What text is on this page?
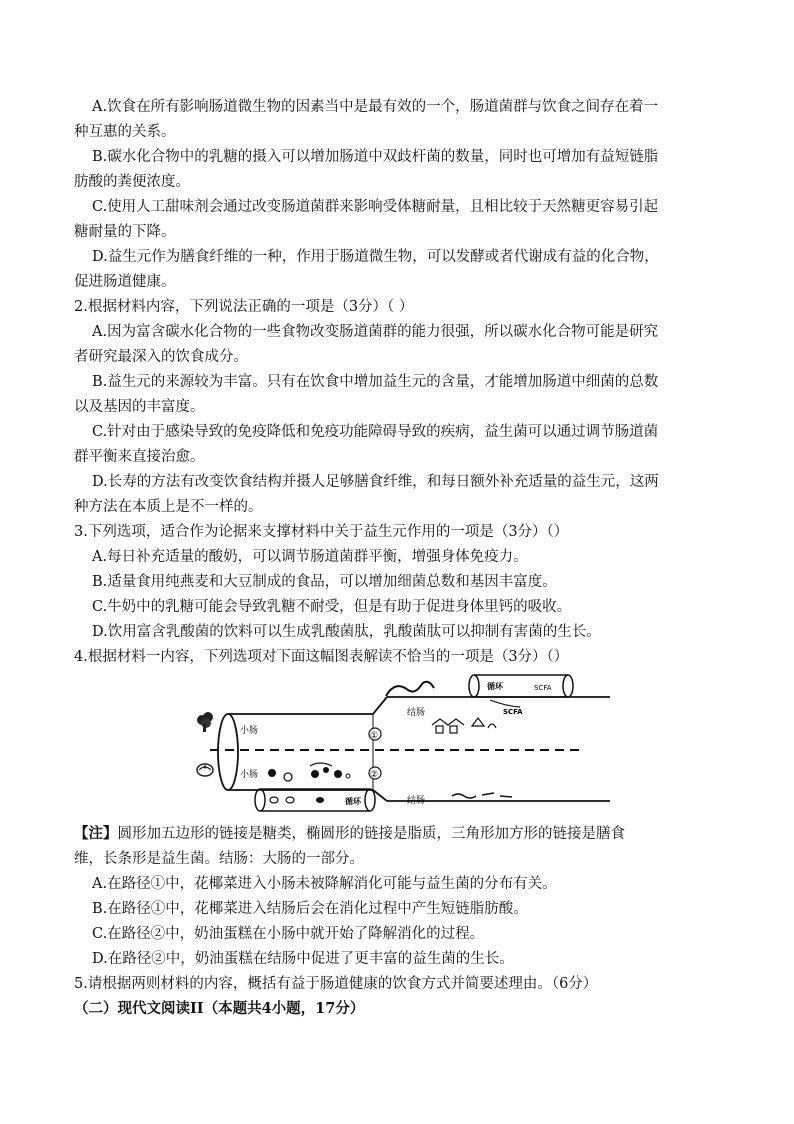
A.饮食在所有影响肠道微生物的因素当中是最有效的一个，肠道菌群与饮食之间存在着一
种互惠的关系。
B.碳水化合物中的乳糖的摄入可以增加肠道中双歧杆菌的数量，同时也可增加有益短链脂
肪酸的粪便浓度。
C.使用人工甜味剂会通过改变肠道菌群来影响受体糖耐量，且相比较于天然糖更容易引起
糖耐量的下降。
D.益生元作为膳食纤维的一种，作用于肠道微生物，可以发酵或者代谢成有益的化合物，
促进肠道健康。
2.根据材料内容，下列说法正确的一项是（3分）（ ）
A.因为富含碳水化合物的一些食物改变肠道菌群的能力很强，所以碳水化合物可能是研究
者研究最深入的饮食成分。
B.益生元的来源较为丰富。只有在饮食中增加益生元的含量，才能增加肠道中细菌的总数
以及基因的丰富度。
C.针对由于感染导致的免疫降低和免疫功能障碍导致的疾病，益生菌可以通过调节肠道菌
群平衡来直接治愈。
D.长寿的方法有改变饮食结构并摄人足够膳食纤维，和每日额外补充适量的益生元，这两
种方法在本质上是不一样的。
3.下列选项，适合作为论据来支撑材料中关于益生元作用的一项是（3分）（）
A.每日补充适量的酸奶，可以调节肠道菌群平衡，增强身体免疫力。
B.适量食用纯燕麦和大豆制成的食品，可以增加细菌总数和基因丰富度。
C.牛奶中的乳糖可能会导致乳糖不耐受，但是有助于促进身体里钙的吸收。
D.饮用富含乳酸菌的饮料可以生成乳酸菌肽，乳酸菌肽可以抑制有害菌的生长。
4.根据材料一内容，下列选项对下面这幅图表解读不恰当的一项是（3分）（）
小肠
小肠
结肠
结肠
循环
循环
SCFA
SCFA
①
②
【注】圆形加五边形的链接是糖类，椭圆形的链接是脂质，三角形加方形的链接是膳食
维，长条形是益生菌。结肠：大肠的一部分。
A.在路径①中，花椰菜进入小肠未被降解消化可能与益生菌的分布有关。
B.在路径①中，花椰菜进入结肠后会在消化过程中产生短链脂肪酸。
C.在路径②中，奶油蛋糕在小肠中就开始了降解消化的过程。
D.在路径②中，奶油蛋糕在结肠中促进了更丰富的益生菌的生长。
5.请根据两则材料的内容，概括有益于肠道健康的饮食方式并简要述理由。（6分）
（二）现代文阅读II（本题共4小题，17分）
